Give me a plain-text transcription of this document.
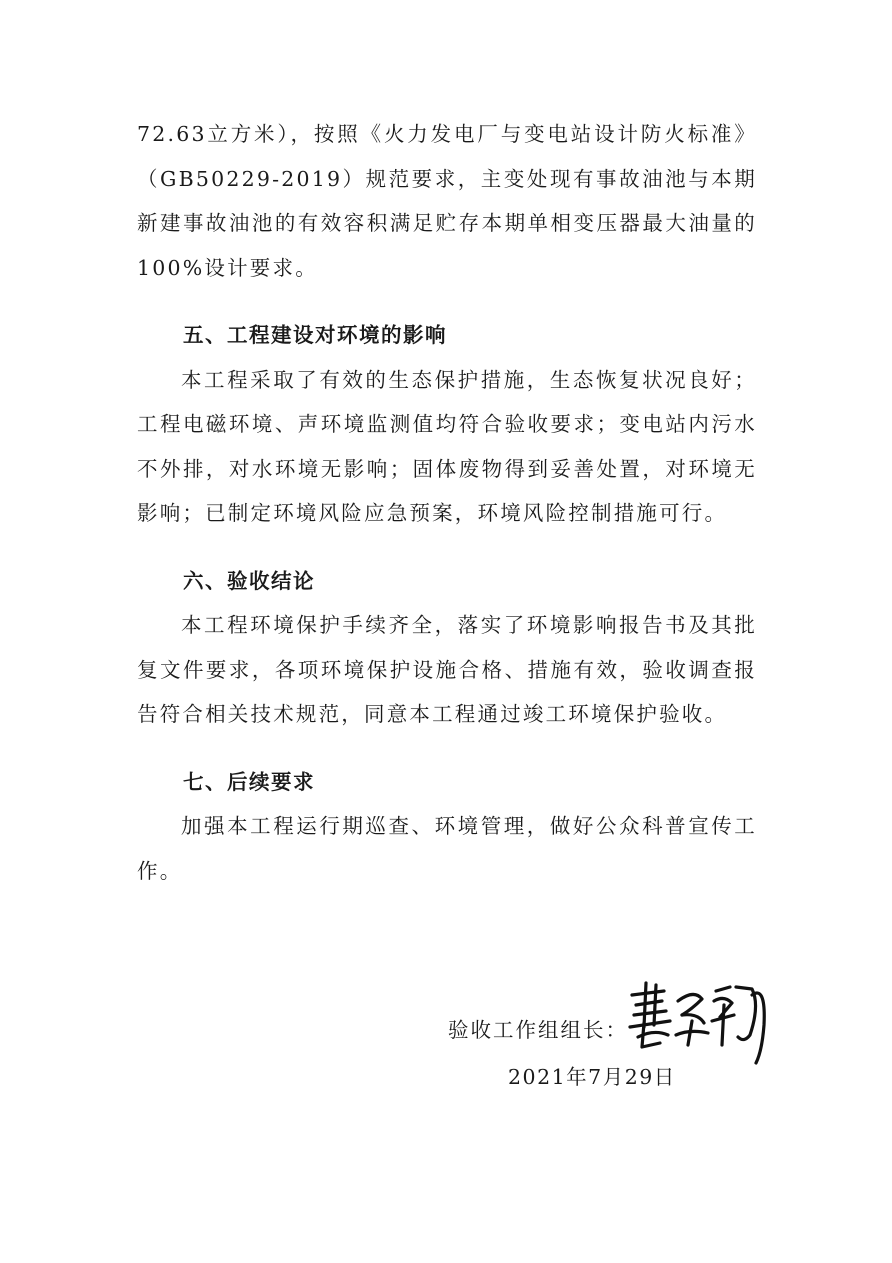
72.63立方米），按照《火力发电厂与变电站设计防火标准》（GB50229-2019）规范要求，主变处现有事故油池与本期新建事故油池的有效容积满足贮存本期单相变压器最大油量的100%设计要求。

五、工程建设对环境的影响

本工程采取了有效的生态保护措施，生态恢复状况良好；工程电磁环境、声环境监测值均符合验收要求；变电站内污水不外排，对水环境无影响；固体废物得到妥善处置，对环境无影响；已制定环境风险应急预案，环境风险控制措施可行。

六、验收结论

本工程环境保护手续齐全，落实了环境影响报告书及其批复文件要求，各项环境保护设施合格、措施有效，验收调查报告符合相关技术规范，同意本工程通过竣工环境保护验收。

七、后续要求

加强本工程运行期巡查、环境管理，做好公众科普宣传工作。

验收工作组组长：
2021年7月29日
